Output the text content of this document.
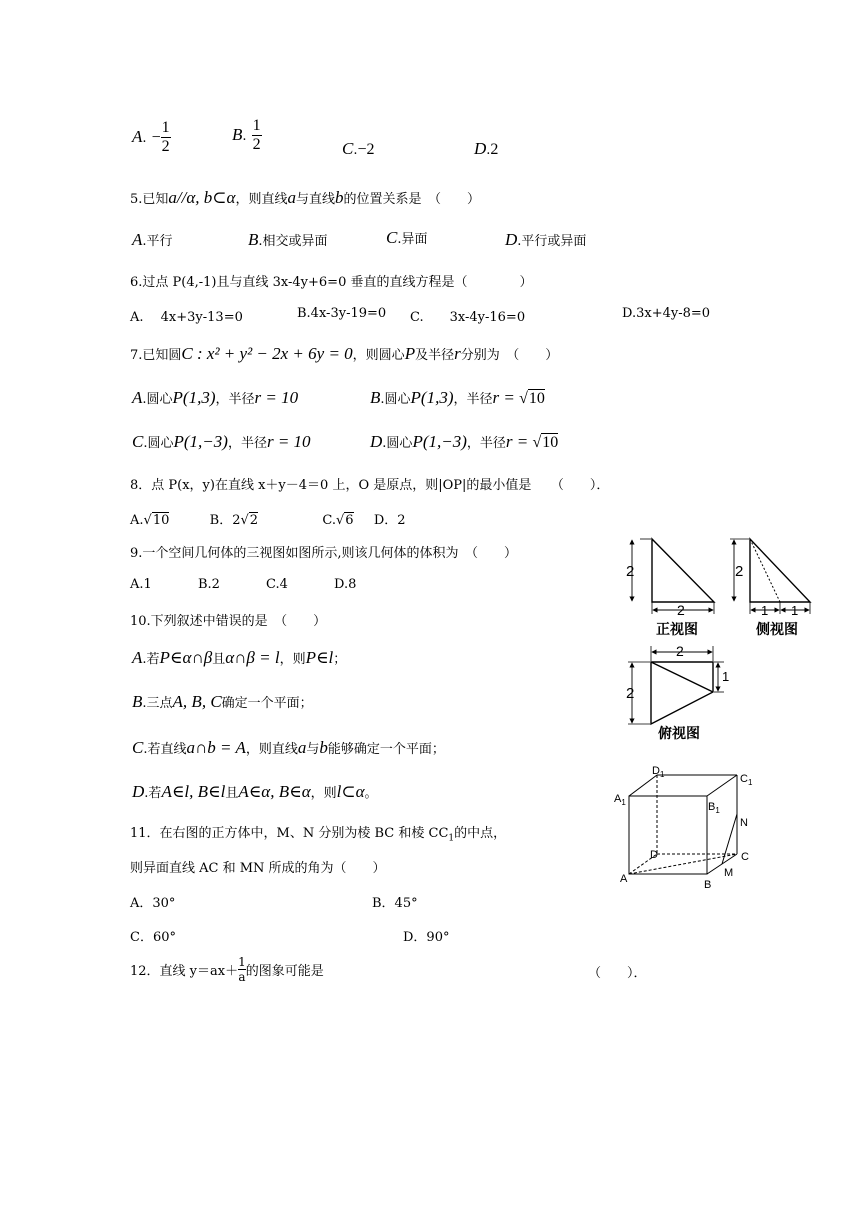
A. − $\frac{1}{2}$	B. $\frac{1}{2}$	C.−2	D.2
5.已知a//α, b⊂α，则直线a与直线b的位置关系是　（　　）
A.平行	B.相交或异面	C.异面	D.平行或异面
6.过点 P(4,-1)且与直线 3x-4y+6=0 垂直的直线方程是（　　　　）
A.　 4x+3y-13=0	B.4x-3y-19=0 C.　　3x-4y-16=0	D.3x+4y-8=0
7.已知圆C : x² + y² − 2x + 6y = 0，则圆心P及半径r分别为　（　　）
A.圆心P(1,3)，半径r = 10	B.圆心P(1,3)，半径r = √10
C.圆心P(1,−3)，半径r = 10	D.圆心P(1,−3)，半径r = √10
8．点 P(x，y)在直线 x＋y－4＝0 上，O 是原点，则|OP|的最小值是　　（　　）．
A.√10	B．2√2	C.√6 D．2
9.一个空间几何体的三视图如图所示,则该几何体的体积为　（　　）
A.1	B.2	C.4	D.8
10.下列叙述中错误的是　（　　）
A.若P∈α∩β且α∩β = l，则P∈l；
B.三点A, B, C确定一个平面；
C.若直线a∩b = A，则直线a与b能够确定一个平面；
D.若A∈l, B∈l且A∈α, B∈α，则l⊂α。
11．在右图的正方体中，M、N 分别为棱 BC 和棱 $CC_1$的中点，
则异面直线 AC 和 MN 所成的角为（　　）
A．30°	B．45°
C．60°	D．90°
12．直线 $y=ax+ \frac{1}{a}$ 的图象可能是	（　　）．
2
2
正视图
2
1 1
侧视图
2
2
1
俯视图
$A_1$	$B_1$
$C_1$
$D_1$
A	B
C
D
M
N
